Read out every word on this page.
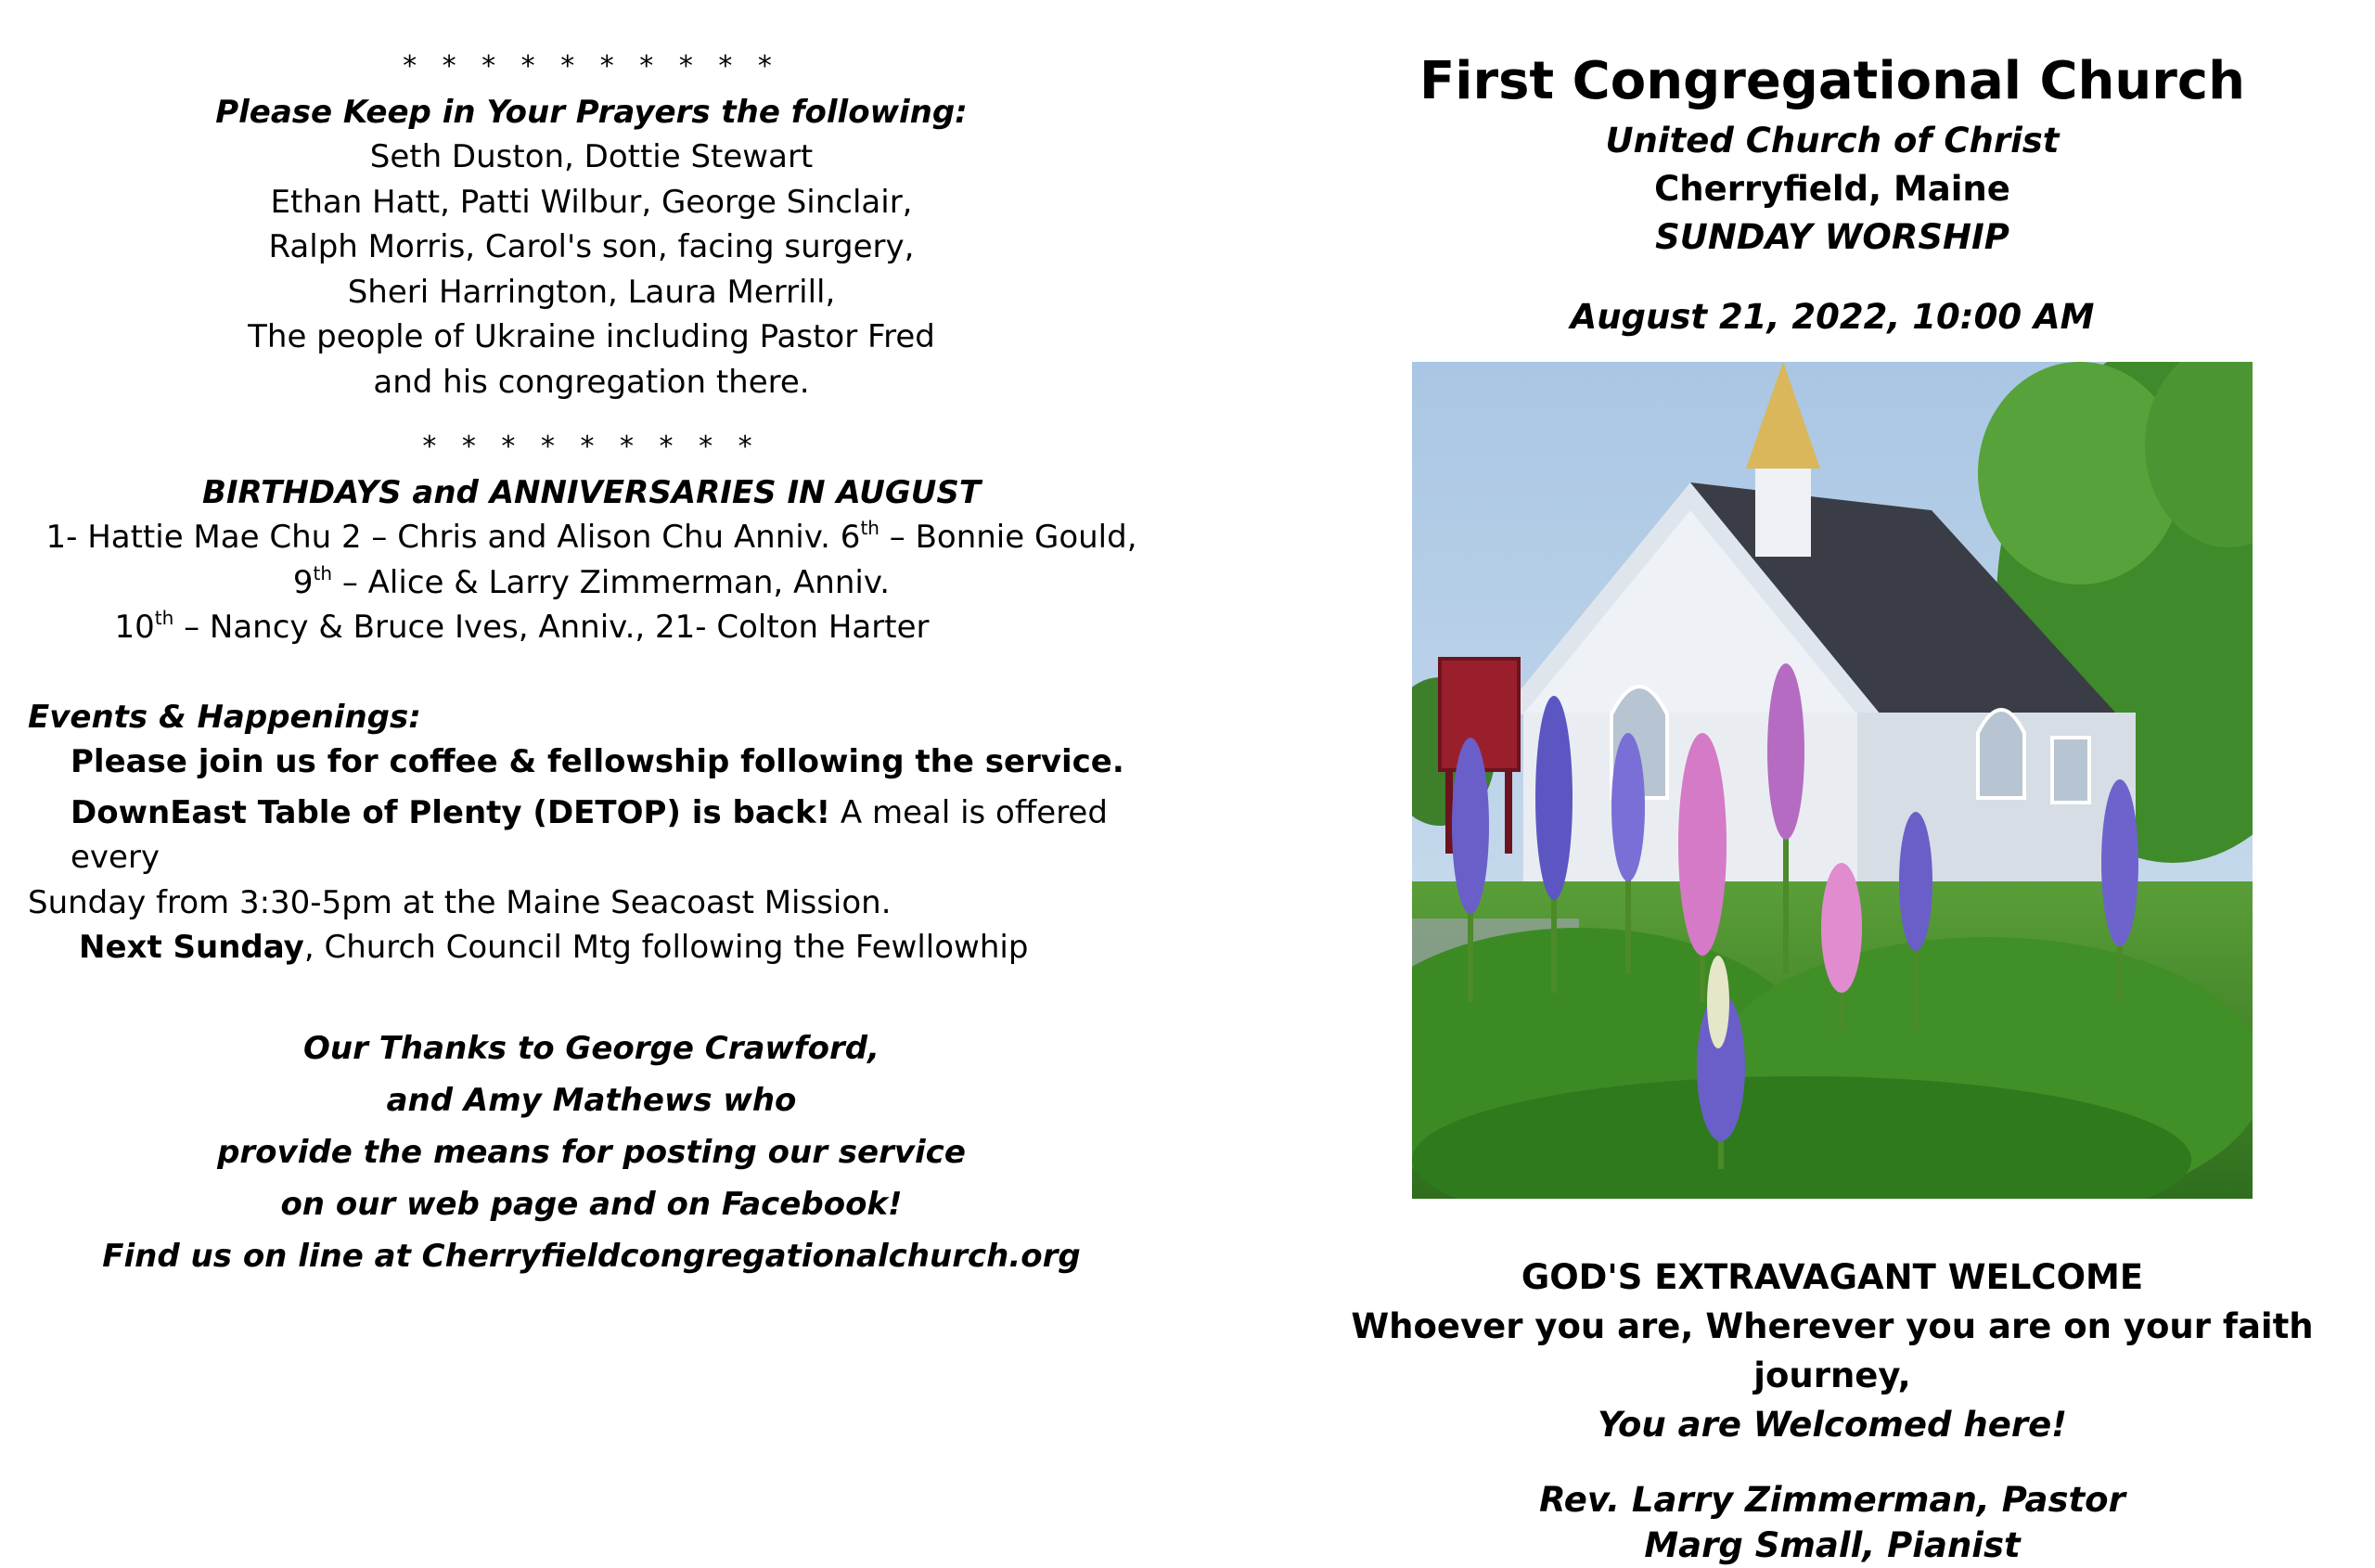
* * * * * * * * * *
Please Keep in Your Prayers the following:
Seth Duston, Dottie Stewart
Ethan Hatt, Patti Wilbur, George Sinclair,
Ralph Morris, Carol's son, facing surgery,
Sheri Harrington, Laura Merrill,
The people of Ukraine including Pastor Fred
and his congregation there.
* * * * * * * * *
BIRTHDAYS and ANNIVERSARIES IN AUGUST
1- Hattie Mae Chu 2 – Chris and Alison Chu Anniv. 6th – Bonnie Gould,
9th – Alice & Larry Zimmerman, Anniv.
10th – Nancy & Bruce Ives, Anniv., 21- Colton Harter
Events & Happenings:
Please join us for coffee & fellowship following the service.
DownEast Table of Plenty (DETOP) is back! A meal is offered every
Sunday from 3:30-5pm at the Maine Seacoast Mission.
Next Sunday, Church Council Mtg following the Fewllowhip
Our Thanks to George Crawford,
and Amy Mathews who
provide the means for posting our service
on our web page and on Facebook!
Find us on line at Cherryfieldcongregationalchurch.org
First Congregational Church
United Church of Christ
Cherryfield, Maine
SUNDAY WORSHIP
August 21, 2022, 10:00 AM
GOD'S EXTRAVAGANT WELCOME
Whoever you are, Wherever you are on your faith journey,
You are Welcomed here!
Rev. Larry Zimmerman, Pastor
Marg Small, Pianist
